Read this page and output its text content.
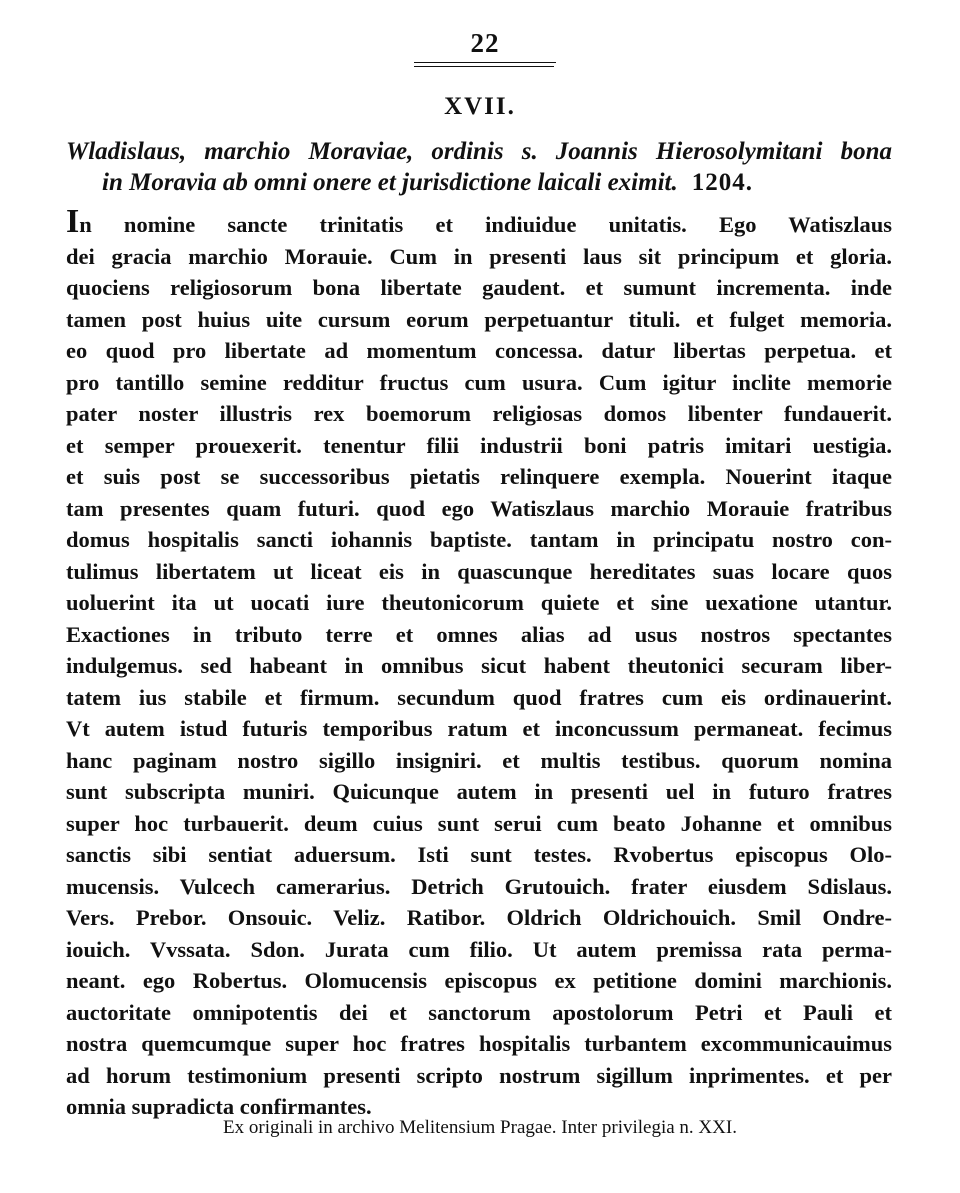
22
XVII.
Wladislaus, marchio Moraviae, ordinis s. Joannis Hierosolymitani bona
in Moravia ab omni onere et jurisdictione laicali eximit. 1204.
In nomine sancte trinitatis et indiuidue unitatis. Ego Watiszlaus
dei gracia marchio Morauie. Cum in presenti laus sit principum et gloria.
quociens religiosorum bona libertate gaudent. et sumunt incrementa. inde
tamen post huius uite cursum eorum perpetuantur tituli. et fulget memoria.
eo quod pro libertate ad momentum concessa. datur libertas perpetua. et
pro tantillo semine redditur fructus cum usura. Cum igitur inclite memorie
pater noster illustris rex boemorum religiosas domos libenter fundauerit.
et semper prouexerit. tenentur filii industrii boni patris imitari uestigia.
et suis post se successoribus pietatis relinquere exempla. Nouerint itaque
tam presentes quam futuri. quod ego Watiszlaus marchio Morauie fratribus
domus hospitalis sancti iohannis baptiste. tantam in principatu nostro con-
tulimus libertatem ut liceat eis in quascunque hereditates suas locare quos
uoluerint ita ut uocati iure theutonicorum quiete et sine uexatione utantur.
Exactiones in tributo terre et omnes alias ad usus nostros spectantes
indulgemus. sed habeant in omnibus sicut habent theutonici securam liber-
tatem ius stabile et firmum. secundum quod fratres cum eis ordinauerint.
Vt autem istud futuris temporibus ratum et inconcussum permaneat. fecimus
hanc paginam nostro sigillo insigniri. et multis testibus. quorum nomina
sunt subscripta muniri. Quicunque autem in presenti uel in futuro fratres
super hoc turbauerit. deum cuius sunt serui cum beato Johanne et omnibus
sanctis sibi sentiat aduersum. Isti sunt testes. Rvobertus episcopus Olo-
mucensis. Vulcech camerarius. Detrich Grutouich. frater eiusdem Sdislaus.
Vers. Prebor. Onsouic. Veliz. Ratibor. Oldrich Oldrichouich. Smil Ondre-
iouich. Vvssata. Sdon. Jurata cum filio. Ut autem premissa rata perma-
neant. ego Robertus. Olomucensis episcopus ex petitione domini marchionis.
auctoritate omnipotentis dei et sanctorum apostolorum Petri et Pauli et
nostra quemcumque super hoc fratres hospitalis turbantem excommunicauimus
ad horum testimonium presenti scripto nostrum sigillum inprimentes. et per
omnia supradicta confirmantes.
Ex originali in archivo Melitensium Pragae. Inter privilegia n. XXI.
